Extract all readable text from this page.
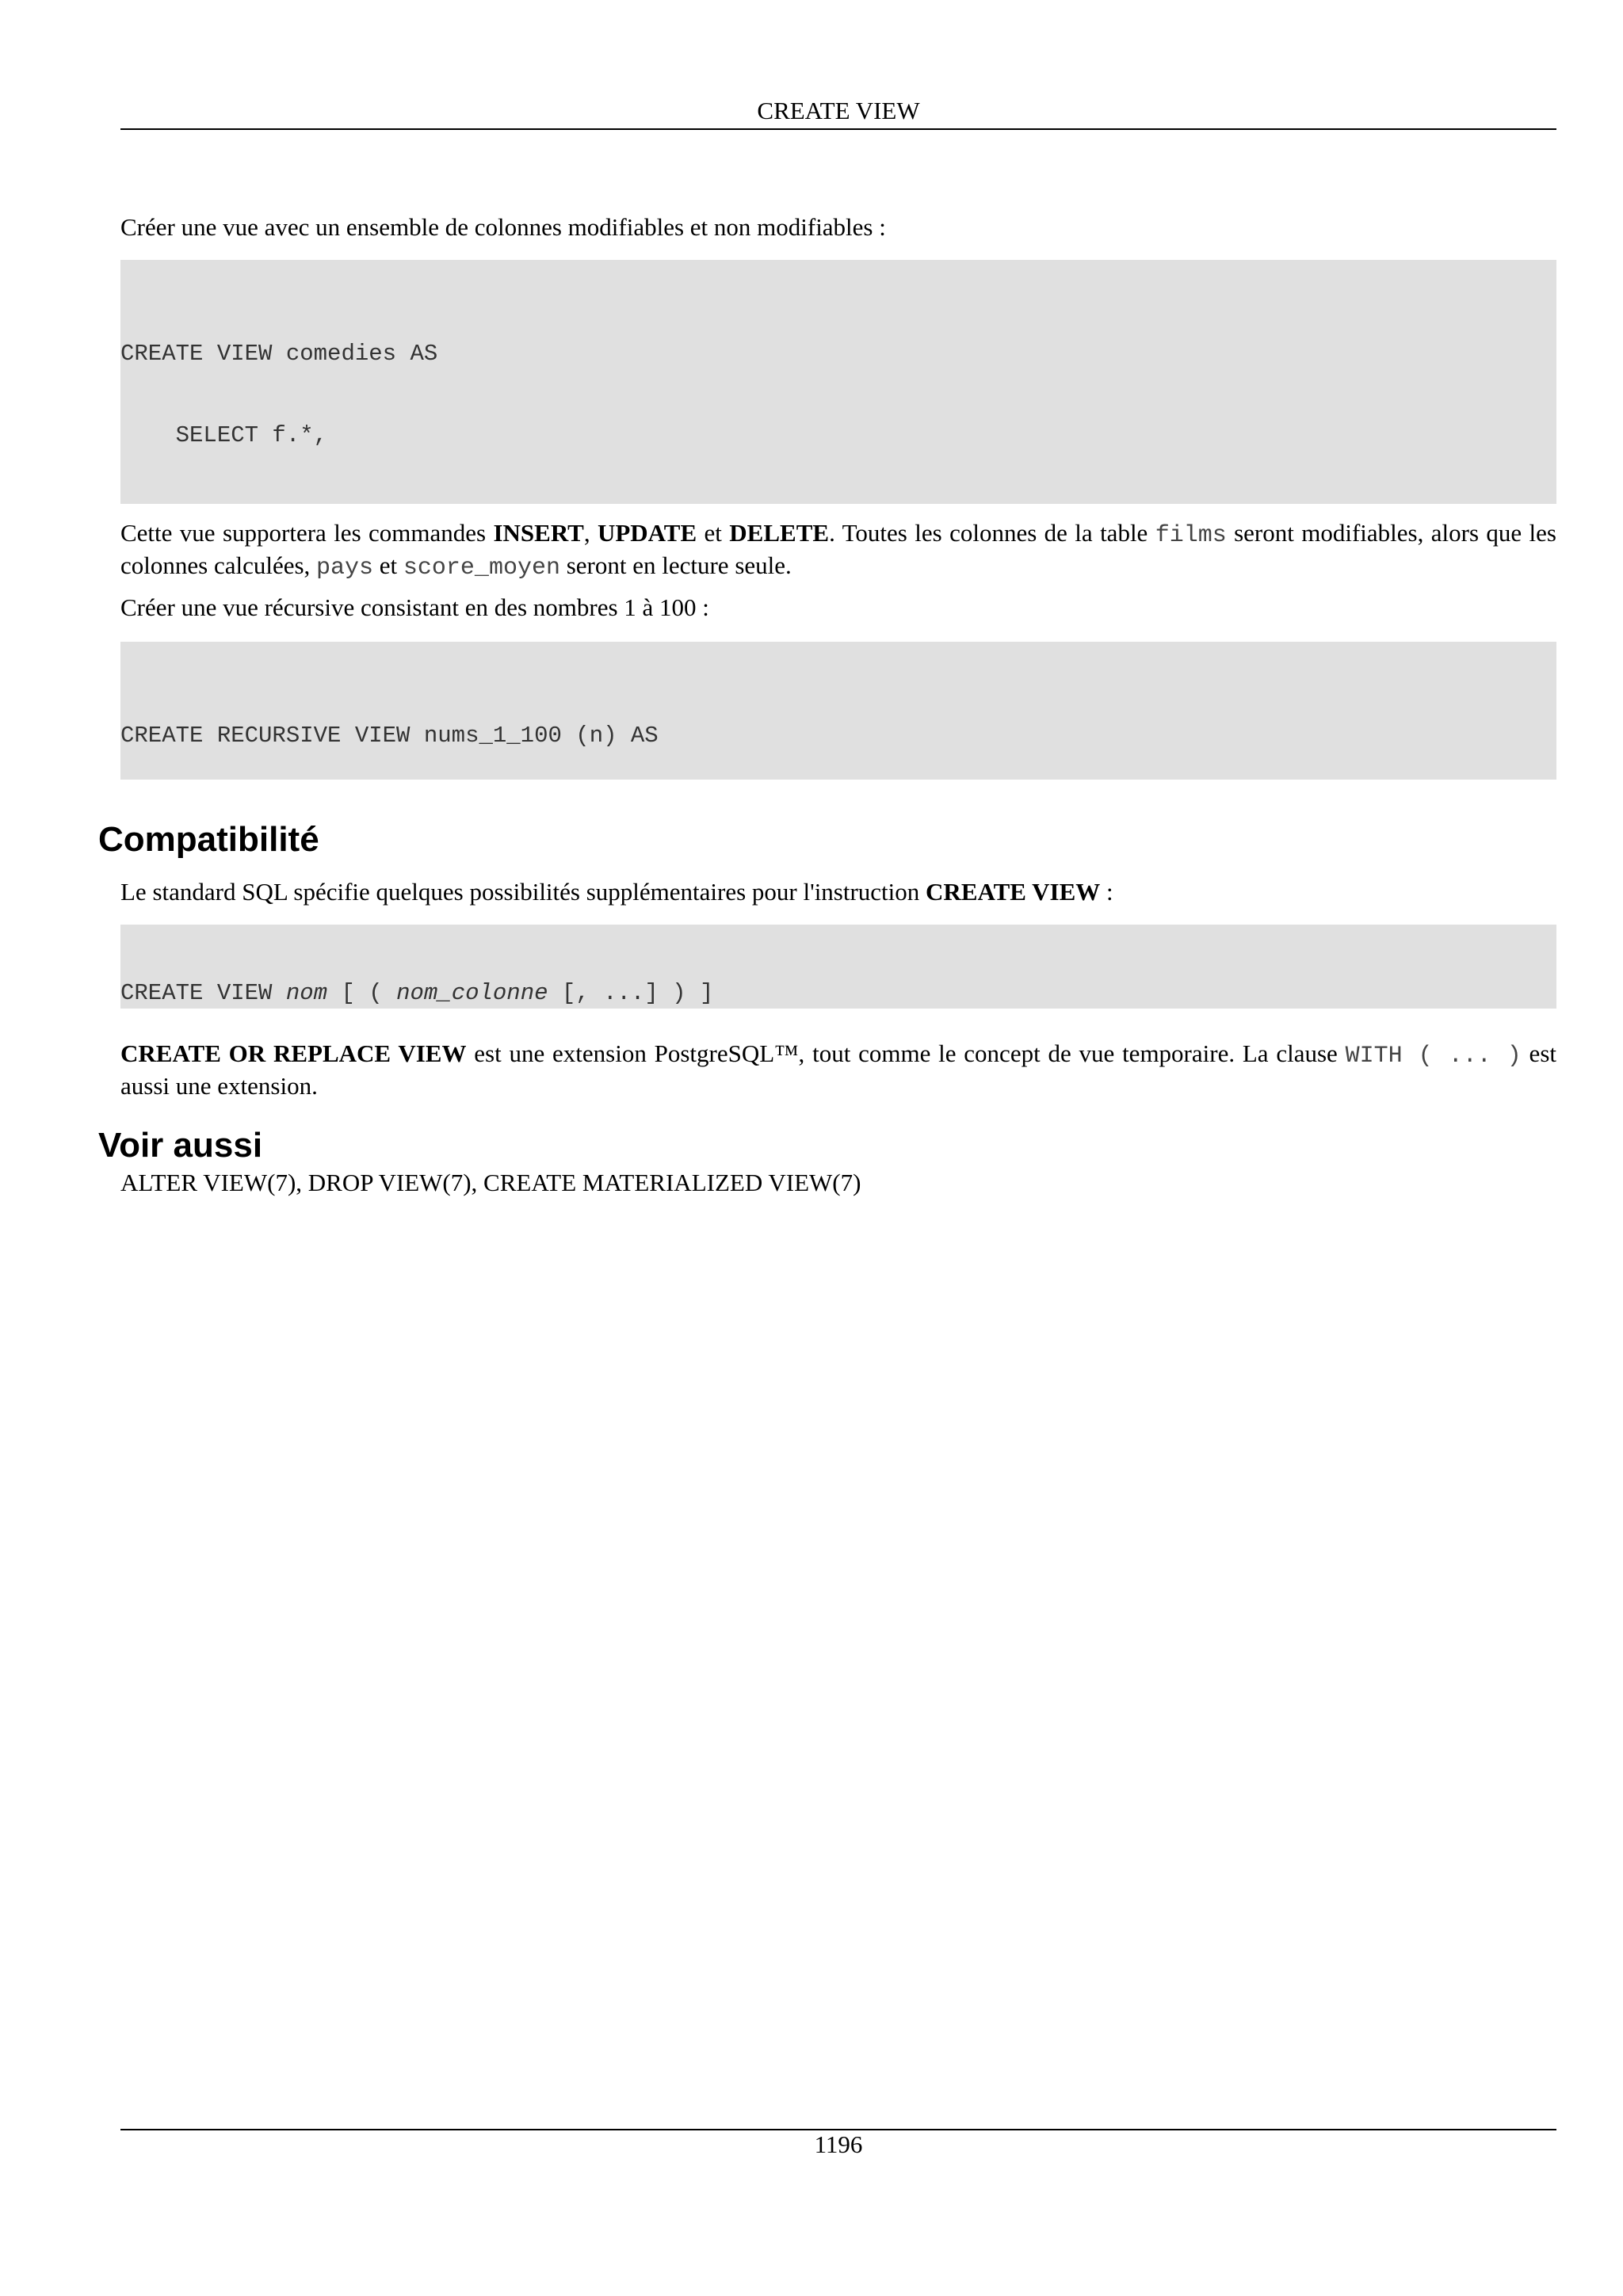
CREATE VIEW

Créer une vue avec un ensemble de colonnes modifiables et non modifiables :

CREATE VIEW comedies AS

SELECT f.*,

Cette vue supportera les commandes INSERT, UPDATE et DELETE. Toutes les colonnes de la table films seront modifiables, alors que les colonnes calculées, pays et score_moyen seront en lecture seule.

Créer une vue récursive consistant en des nombres 1 à 100 :

CREATE RECURSIVE VIEW nums_1_100 (n) AS

Compatibilité

Le standard SQL spécifie quelques possibilités supplémentaires pour l'instruction CREATE VIEW :

CREATE VIEW nom [ ( nom_colonne [, ...] ) ]

CREATE OR REPLACE VIEW est une extension PostgreSQL™, tout comme le concept de vue temporaire. La clause WITH ( ... ) est aussi une extension.

Voir aussi

ALTER VIEW(7), DROP VIEW(7), CREATE MATERIALIZED VIEW(7)

1196
